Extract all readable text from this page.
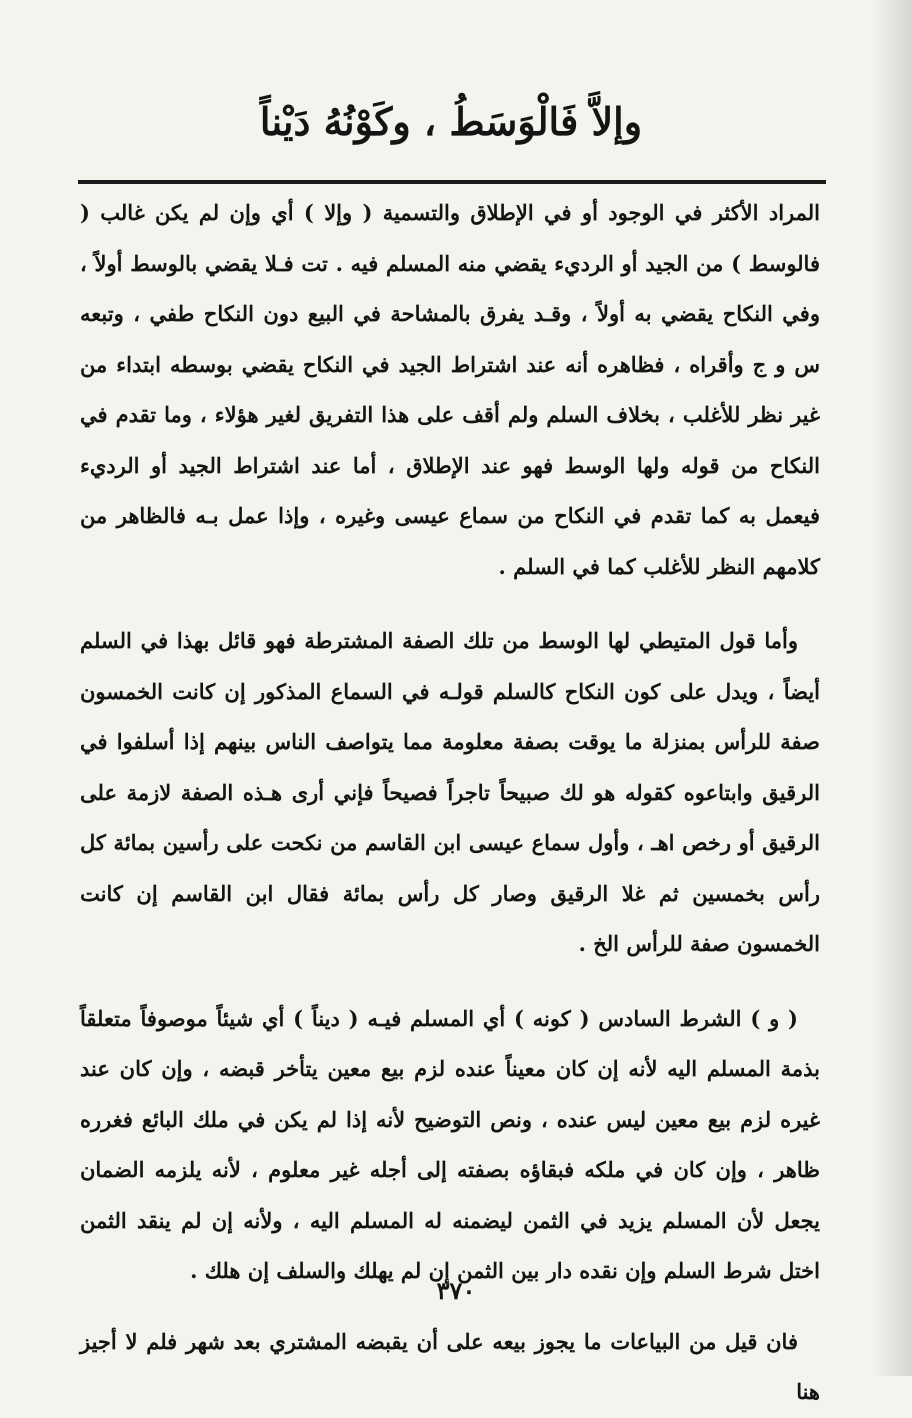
وإلاَّ فَالْوَسَطُ ، وكَوْنُهُ دَيْناً

المراد الأكثر في الوجود أو في الإطلاق والتسمية ( وإلا ) أي وإن لم يكن غالب ( فالوسط ) من الجيد أو الرديء يقضي منه المسلم فيه . تت فـلا يقضي بالوسط أولاً ، وفي النكاح يقضي به أولاً ، وقـد يفرق بالمشاحة في البيع دون النكاح طفي ، وتبعه س و ج وأقراه ، فظاهره أنه عند اشتراط الجيد في النكاح يقضي بوسطه ابتداء من غير نظر للأغلب ، بخلاف السلم ولم أقف على هذا التفريق لغير هؤلاء ، وما تقدم في النكاح من قوله ولها الوسط فهو عند الإطلاق ، أما عند اشتراط الجيد أو الرديء فيعمل به كما تقدم في النكاح من سماع عيسى وغيره ، وإذا عمل بـه فالظاهر من كلامهم النظر للأغلب كما في السلم .

وأما قول المتيطي لها الوسط من تلك الصفة المشترطة فهو قائل بهذا في السلم أيضاً ، ويدل على كون النكاح كالسلم قولـه في السماع المذكور إن كانت الخمسون صفة للرأس بمنزلة ما يوقت بصفة معلومة مما يتواصف الناس بينهم إذا أسلفوا في الرقيق وابتاعوه كقوله هو لك صبيحاً تاجراً فصيحاً فإني أرى هـذه الصفة لازمة على الرقيق أو رخص اهـ ، وأول سماع عيسى ابن القاسم من نكحت على رأسين بمائة كل رأس بخمسين ثم غلا الرقيق وصار كل رأس بمائة فقال ابن القاسم إن كانت الخمسون صفة للرأس الخ .

( و ) الشرط السادس ( كونه ) أي المسلم فيـه ( ديناً ) أي شيئاً موصوفاً متعلقاً بذمة المسلم اليه لأنه إن كان معيناً عنده لزم بيع معين يتأخر قبضه ، وإن كان عند غيره لزم بيع معين ليس عنده ، ونص التوضيح لأنه إذا لم يكن في ملك البائع فغرره ظاهر ، وإن كان في ملكه فبقاؤه بصفته إلى أجله غير معلوم ، لأنه يلزمه الضمان يجعل لأن المسلم يزيد في الثمن ليضمنه له المسلم اليه ، ولأنه إن لم ينقد الثمن اختل شرط السلم وإن نقده دار بين الثمن إن لم يهلك والسلف إن هلك .

فان قيل من البياعات ما يجوز بيعه على أن يقبضه المشتري بعد شهر فلم لا أجيز هنا

٣٧٠
